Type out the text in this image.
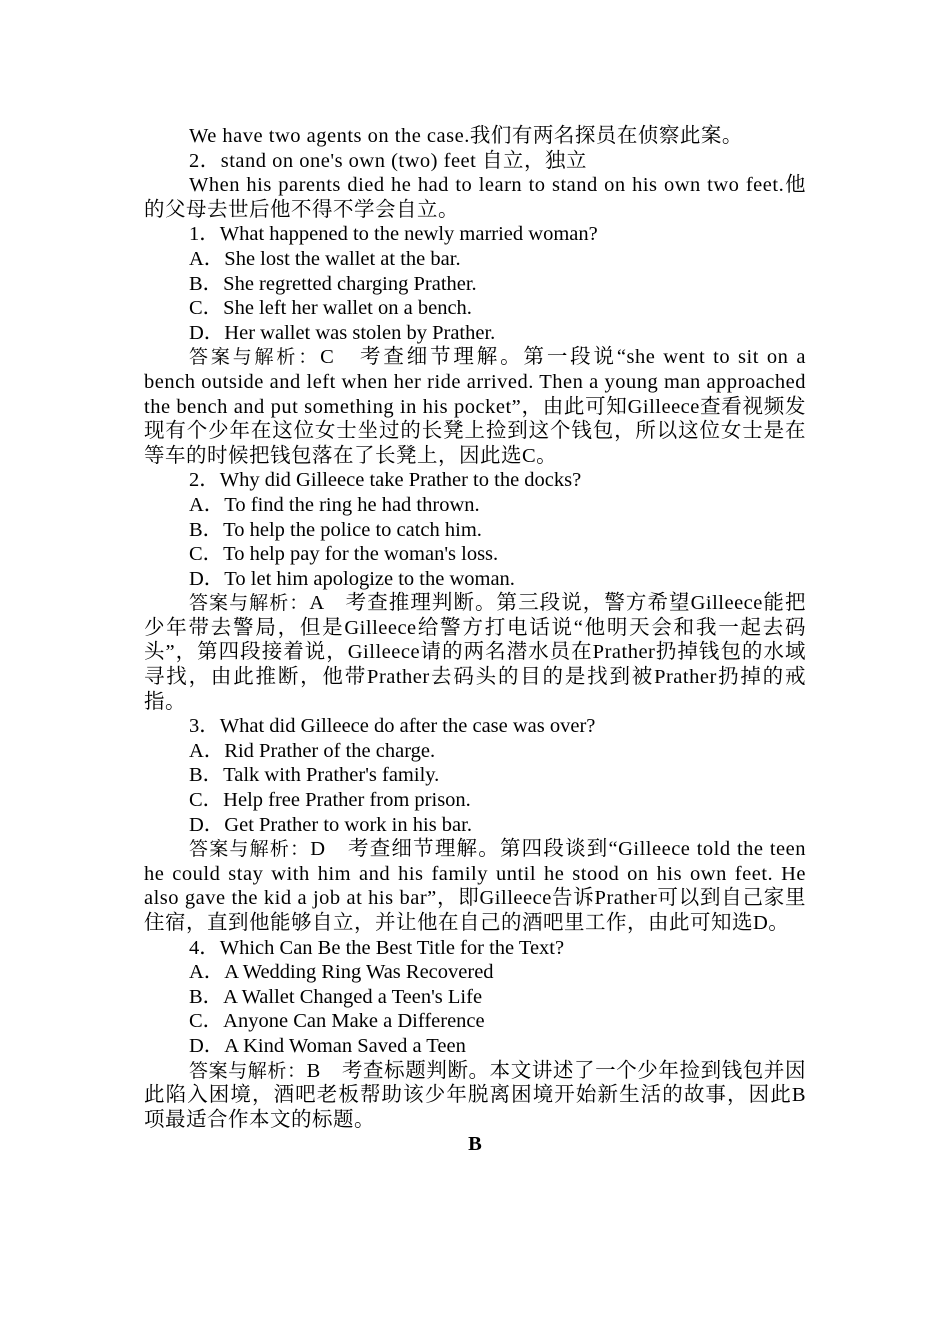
We have two agents on the case.我们有两名探员在侦察此案。

2．stand on one's own (two) feet 自立，独立

When his parents died he had to learn to stand on his own two feet.他的父母去世后他不得不学会自立。

1．What happened to the newly married woman?

A．She lost the wallet at the bar.

B．She regretted charging Prather.

C．She left her wallet on a bench.

D．Her wallet was stolen by Prather.

答案与解析：C　考查细节理解。第一段说“she went to sit on a bench outside and left when her ride arrived. Then a young man approached the bench and put something in his pocket”，由此可知Gilleece查看视频发现有个少年在这位女士坐过的长凳上捡到这个钱包，所以这位女士是在等车的时候把钱包落在了长凳上，因此选C。

2．Why did Gilleece take Prather to the docks?

A．To find the ring he had thrown.

B．To help the police to catch him.

C．To help pay for the woman's loss.

D．To let him apologize to the woman.

答案与解析：A　考查推理判断。第三段说，警方希望Gilleece能把少年带去警局，但是Gilleece给警方打电话说“他明天会和我一起去码头”，第四段接着说，Gilleece请的两名潜水员在Prather扔掉钱包的水域寻找，由此推断，他带Prather去码头的目的是找到被Prather扔掉的戒指。

3．What did Gilleece do after the case was over?

A．Rid Prather of the charge.

B．Talk with Prather's family.

C．Help free Prather from prison.

D．Get Prather to work in his bar.

答案与解析：D　考查细节理解。第四段谈到“Gilleece told the teen he could stay with him and his family until he stood on his own feet. He also gave the kid a job at his bar”，即Gilleece告诉Prather可以到自己家里住宿，直到他能够自立，并让他在自己的酒吧里工作，由此可知选D。

4．Which Can Be the Best Title for the Text?

A．A Wedding Ring Was Recovered

B．A Wallet Changed a Teen's Life

C．Anyone Can Make a Difference

D．A Kind Woman Saved a Teen

答案与解析：B　考查标题判断。本文讲述了一个少年捡到钱包并因此陷入困境，酒吧老板帮助该少年脱离困境开始新生活的故事，因此B项最适合作本文的标题。

B
